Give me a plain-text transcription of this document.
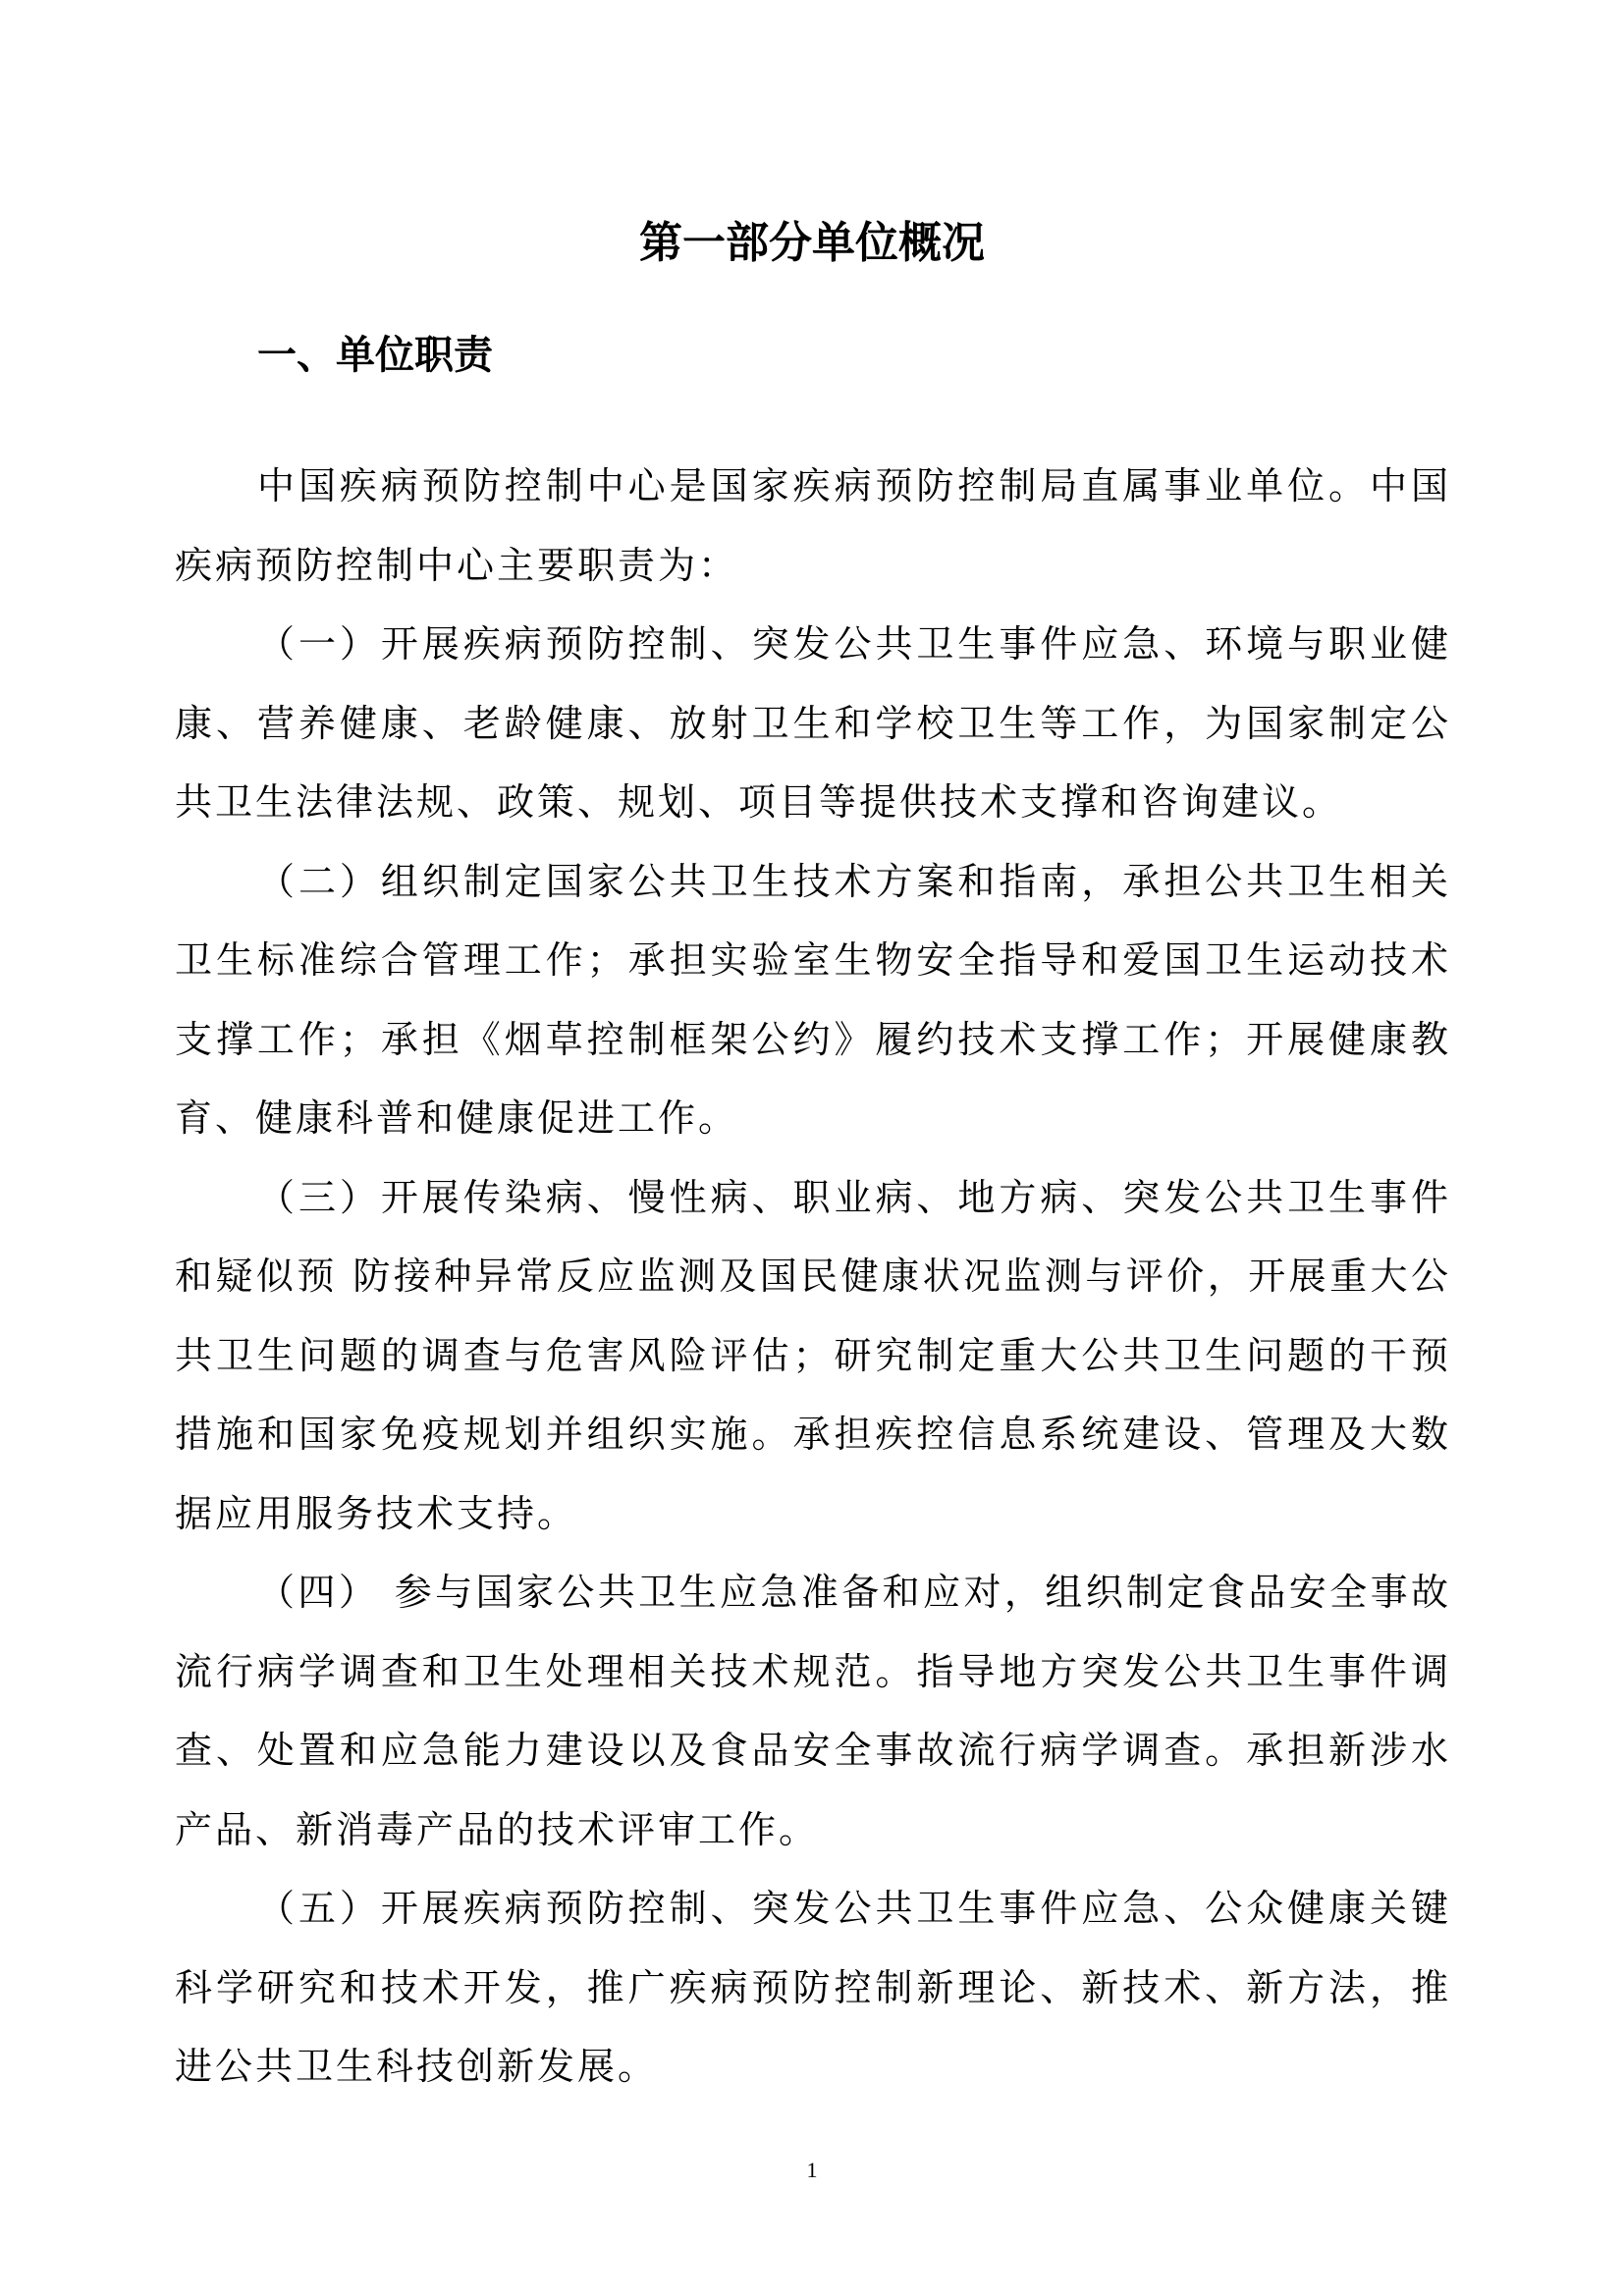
第一部分单位概况
一、单位职责

中国疾病预防控制中心是国家疾病预防控制局直属事业单位。中国疾病预防控制中心主要职责为：

（一）开展疾病预防控制、突发公共卫生事件应急、环境与职业健康、营养健康、老龄健康、放射卫生和学校卫生等工作，为国家制定公共卫生法律法规、政策、规划、项目等提供技术支撑和咨询建议。

（二）组织制定国家公共卫生技术方案和指南，承担公共卫生相关卫生标准综合管理工作；承担实验室生物安全指导和爱国卫生运动技术支撑工作；承担《烟草控制框架公约》履约技术支撑工作；开展健康教育、健康科普和健康促进工作。

（三）开展传染病、慢性病、职业病、地方病、突发公共卫生事件和疑似预 防接种异常反应监测及国民健康状况监测与评价，开展重大公共卫生问题的调查与危害风险评估；研究制定重大公共卫生问题的干预措施和国家免疫规划并组织实施。承担疾控信息系统建设、管理及大数据应用服务技术支持。

（四） 参与国家公共卫生应急准备和应对，组织制定食品安全事故流行病学调查和卫生处理相关技术规范。指导地方突发公共卫生事件调查、处置和应急能力建设以及食品安全事故流行病学调查。承担新涉水产品、新消毒产品的技术评审工作。

（五）开展疾病预防控制、突发公共卫生事件应急、公众健康关键科学研究和技术开发，推广疾病预防控制新理论、新技术、新方法，推进公共卫生科技创新发展。

1
